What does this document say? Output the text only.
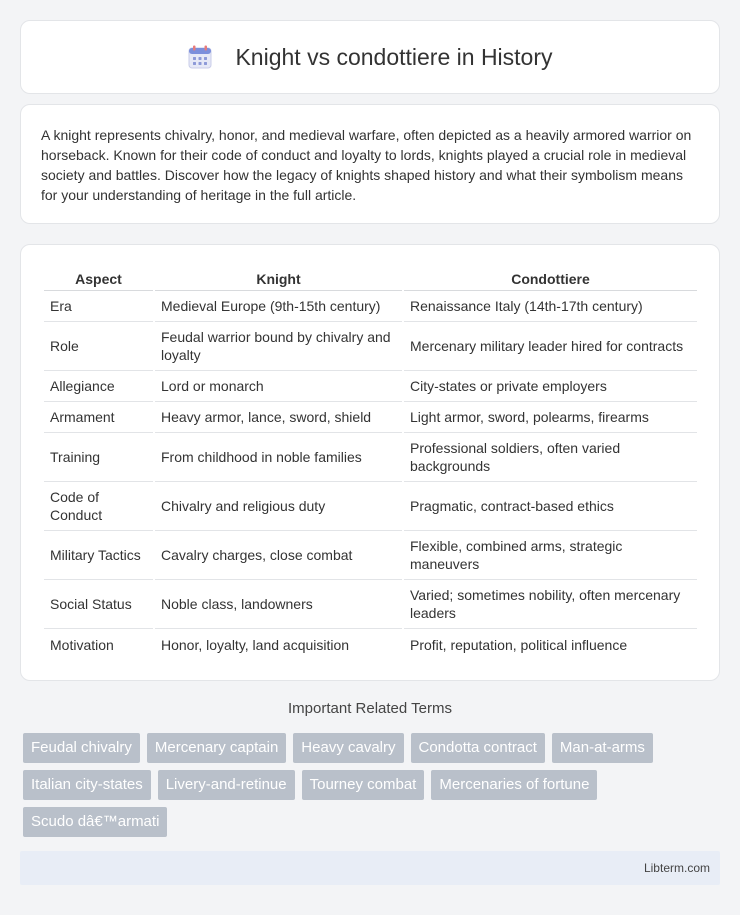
Knight vs condottiere in History

A knight represents chivalry, honor, and medieval warfare, often depicted as a heavily armored warrior on horseback. Known for their code of conduct and loyalty to lords, knights played a crucial role in medieval society and battles. Discover how the legacy of knights shaped history and what their symbolism means for your understanding of heritage in the full article.

Aspect	Knight	Condottiere
Era	Medieval Europe (9th-15th century)	Renaissance Italy (14th-17th century)
Role	Feudal warrior bound by chivalry and loyalty	Mercenary military leader hired for contracts
Allegiance	Lord or monarch	City-states or private employers
Armament	Heavy armor, lance, sword, shield	Light armor, sword, polearms, firearms
Training	From childhood in noble families	Professional soldiers, often varied backgrounds
Code of Conduct	Chivalry and religious duty	Pragmatic, contract-based ethics
Military Tactics	Cavalry charges, close combat	Flexible, combined arms, strategic maneuvers
Social Status	Noble class, landowners	Varied; sometimes nobility, often mercenary leaders
Motivation	Honor, loyalty, land acquisition	Profit, reputation, political influence
Important Related Terms
Feudal chivalry	Mercenary captain	Heavy cavalry	Condotta contract	Man-at-arms
Italian city-states	Livery-and-retinue	Tourney combat	Mercenaries of fortune
Scudo dâ€™armati
Libterm.com
